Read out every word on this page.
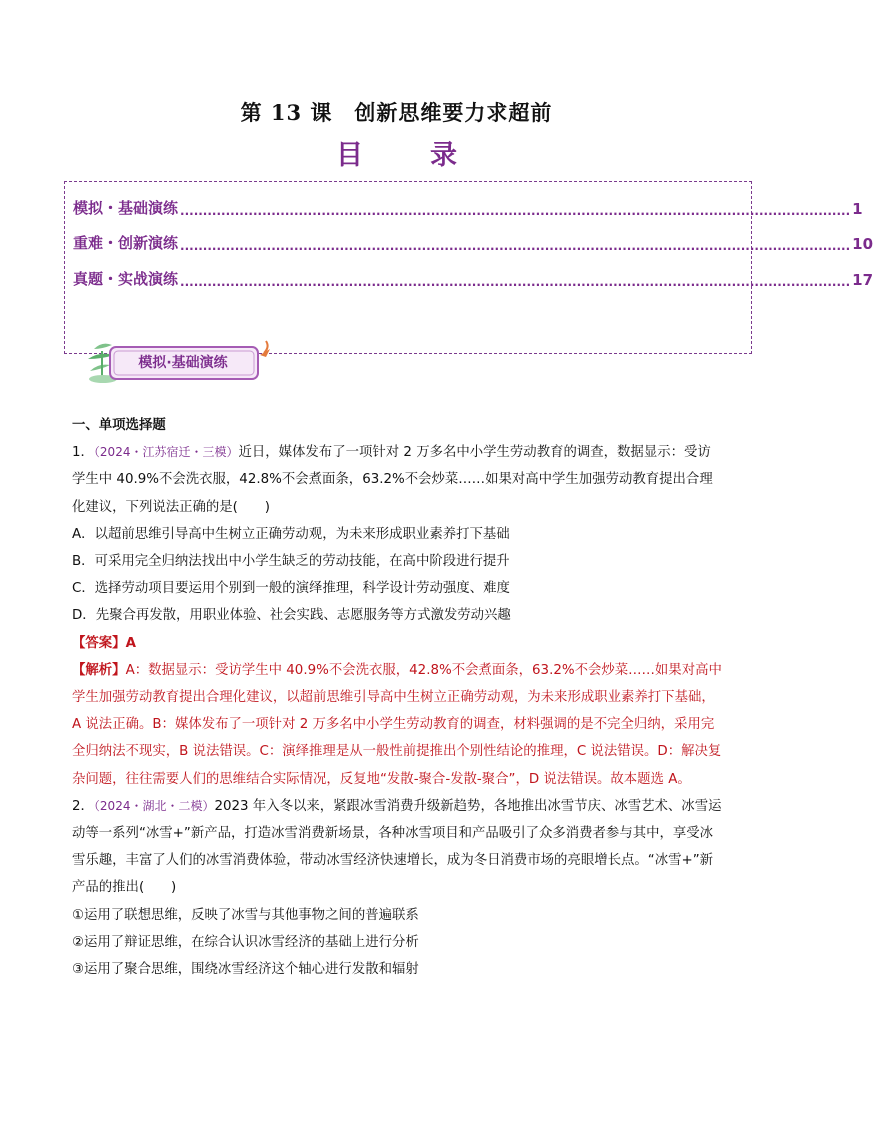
第 13 课　创新思维要力求超前
目　录
模拟・基础演练 ................................................................................................................................................... 1
重难・创新演练 ................................................................................................................................................... 10
真题・实战演练 ................................................................................................................................................... 17
模拟·基础演练

一、单项选择题

1．（2024・江苏宿迁・三模）近日，媒体发布了一项针对 2 万多名中小学生劳动教育的调查，数据显示：受访学生中 40.9%不会洗衣服，42.8%不会煮面条，63.2%不会炒菜……如果对高中学生加强劳动教育提出合理化建议，下列说法正确的是(　　)

A．以超前思维引导高中生树立正确劳动观，为未来形成职业素养打下基础

B．可采用完全归纳法找出中小学生缺乏的劳动技能，在高中阶段进行提升

C．选择劳动项目要运用个别到一般的演绎推理，科学设计劳动强度、难度

D．先聚合再发散，用职业体验、社会实践、志愿服务等方式激发劳动兴趣

【答案】A

【解析】A：数据显示：受访学生中 40.9%不会洗衣服，42.8%不会煮面条，63.2%不会炒菜……如果对高中学生加强劳动教育提出合理化建议，以超前思维引导高中生树立正确劳动观，为未来形成职业素养打下基础，A 说法正确。B：媒体发布了一项针对 2 万多名中小学生劳动教育的调查，材料强调的是不完全归纳，采用完全归纳法不现实，B 说法错误。C：演绎推理是从一般性前提推出个别性结论的推理，C 说法错误。D：解决复杂问题，往往需要人们的思维结合实际情况，反复地“发散-聚合-发散-聚合”，D 说法错误。故本题选 A。

2．（2024・湖北・二模）2023 年入冬以来，紧跟冰雪消费升级新趋势，各地推出冰雪节庆、冰雪艺术、冰雪运动等一系列“冰雪+”新产品，打造冰雪消费新场景，各种冰雪项目和产品吸引了众多消费者参与其中，享受冰雪乐趣，丰富了人们的冰雪消费体验，带动冰雪经济快速增长，成为冬日消费市场的亮眼增长点。“冰雪+”新产品的推出(　　)

①运用了联想思维，反映了冰雪与其他事物之间的普遍联系

②运用了辩证思维，在综合认识冰雪经济的基础上进行分析

③运用了聚合思维，围绕冰雪经济这个轴心进行发散和辐射
